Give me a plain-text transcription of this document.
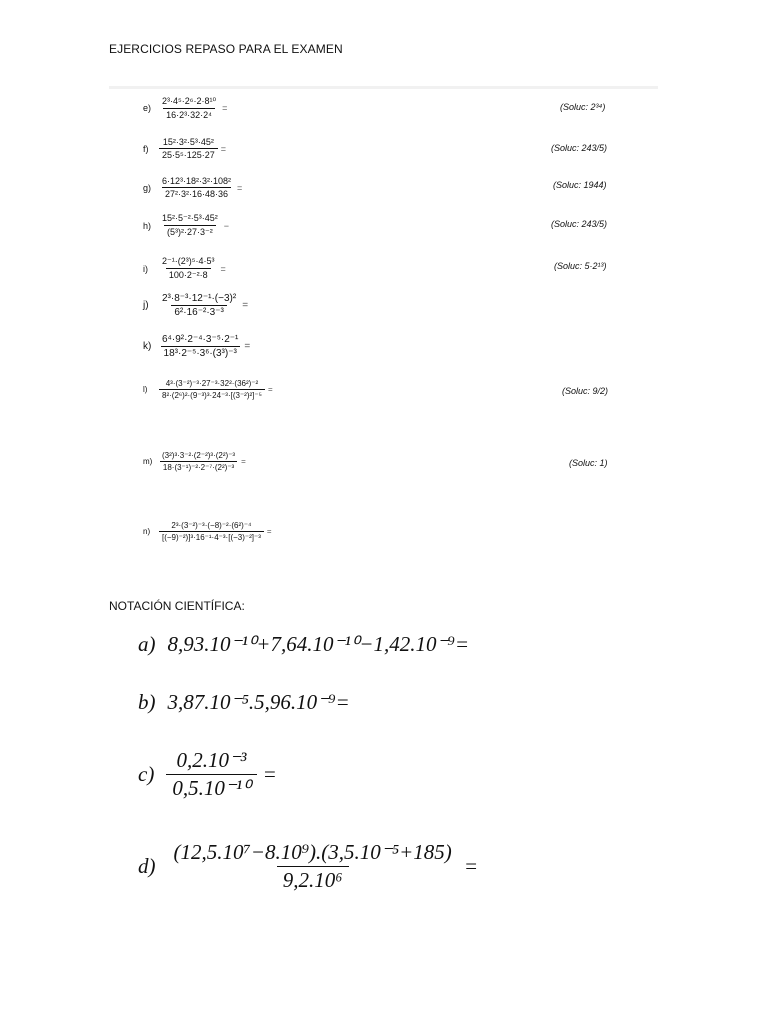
EJERCICIOS REPASO PARA EL EXAMEN
$e) \frac{\text{2³·4⁵·2⁶·2·8¹⁰}}{\text{16·2³·32·2⁴}}$ =	(Soluc: 2³⁴)
f)	$\frac{\text{15²·3²·5³·45²}}{\text{25·5⁵·125·27}}$ =	(Soluc: 243/5)
$g) \frac{\text{6·12³·18²·3²·108²}}{\text{27²·3²·16·48·36}}$ =	(Soluc: 1944)
$h) \frac{\text{15²·5⁻²·5³·45²}}{\text{(5³)²·27·3⁻²}}$ −	(Soluc: 243/5)
i)	$\frac{\text{2⁻¹·(2³)⁵·4·5³}}{\text{100·2⁻²·8}}$ =	(Soluc: 5·2¹³)
j)	$\frac{\text{2³·8⁻³·12⁻¹·(−3)²}}{\text{6²·16⁻²·3⁻³}}$ =
$k) \frac{\text{6⁴·9²·2⁻⁴·3⁻⁵·2⁻¹}}{\text{18³·2⁻⁵·3⁶·(3³)⁻³}}$ =
l)	$\frac{\text{4³·(3⁻²)⁻³·27⁻³·32²·(36²)⁻²}}{\text{8²·(2⁶)²·(9⁻³)³·24⁻³·[(3⁻²)²]⁻⁵}}$ =	(Soluc: 9/2)
$m) \frac{\text{(3²)³·3⁻²·(2⁻²)³·(2²)⁻³}}{\text{18·(3⁻¹)⁻²·2⁻⁷·(2²)⁻³}}$ =	(Soluc: 1)
n)	$\frac{\text{2³·(3⁻²)⁻³·(−8)⁻²·(6²)⁻⁴}}{\text{[(−9)⁻²)]³·16⁻¹·4⁻³·[(−3)⁻²]⁻³}}$ =
NOTACIÓN CIENTÍFICA:
a) 8,93.10⁻¹⁰+7,64.10⁻¹⁰−1,42.10⁻⁹=
b) 3,87.10⁻⁵.5,96.10⁻⁹=
$c) \frac{\text{0,2.10⁻³}}{\text{0,5.10⁻¹⁰}}$ =
$d) \frac{\text{(12,5.10⁷−8.10⁹).(3,5.10⁻⁵+185)}}{\text{9,2.10⁶}}$ =
